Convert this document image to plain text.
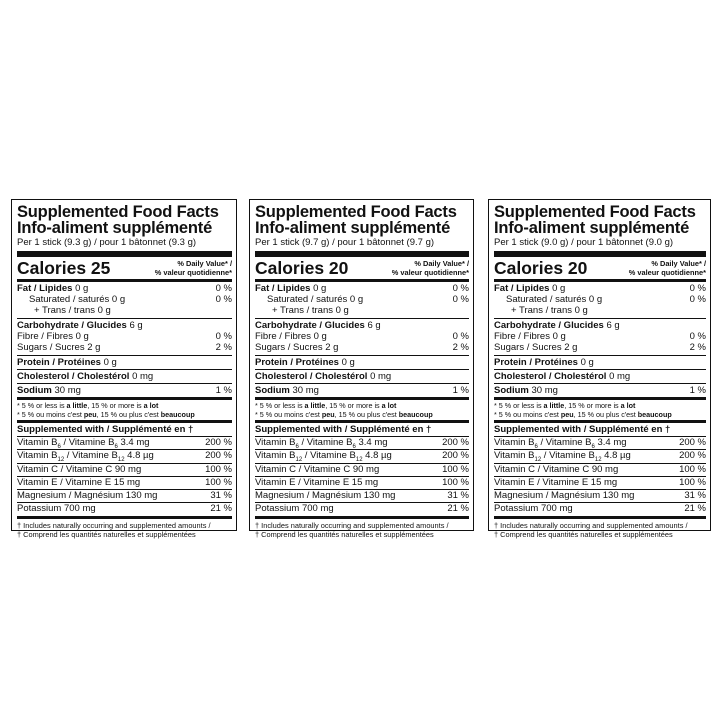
Supplemented Food Facts
Info-aliment supplémenté
Per 1 stick (9.3 g) / pour 1 bâtonnet (9.3 g)
Calories 25	% Daily Value* /
% valeur quotidienne*
Fat / Lipides 0 g	0 %
Saturated / saturés 0 g	0 %
+ Trans / trans 0 g
Carbohydrate / Glucides 6 g
Fibre / Fibres 0 g	0 %
Sugars / Sucres 2 g	2 %
Protein / Protéines 0 g
Cholesterol / Cholestérol 0 mg
Sodium 30 mg	1 %
* 5 % or less is a little, 15 % or more is a lot
* 5 % ou moins c'est peu, 15 % ou plus c'est beaucoup
Supplemented with / Supplémenté en †
Vitamin $B_6$ / Vitamine $B_6$ 3.4 mg	200 %
Vitamin $B_{12}$ / Vitamine $B_{12}$ 4.8 µg	200 %
Vitamin C / Vitamine C 90 mg	100 %
Vitamin E / Vitamine E 15 mg	100 %
Magnesium / Magnésium 130 mg	31 %
Potassium 700 mg	21 %
† Includes naturally occurring and supplemented amounts /
† Comprend les quantités naturelles et supplémentées
Supplemented Food Facts
Info-aliment supplémenté
Per 1 stick (9.7 g) / pour 1 bâtonnet (9.7 g)
Calories 20	% Daily Value* /
% valeur quotidienne*
Fat / Lipides 0 g	0 %
Saturated / saturés 0 g	0 %
+ Trans / trans 0 g
Carbohydrate / Glucides 6 g
Fibre / Fibres 0 g	0 %
Sugars / Sucres 2 g	2 %
Protein / Protéines 0 g
Cholesterol / Cholestérol 0 mg
Sodium 30 mg	1 %
* 5 % or less is a little, 15 % or more is a lot
* 5 % ou moins c'est peu, 15 % ou plus c'est beaucoup
Supplemented with / Supplémenté en †
Vitamin $B_6$ / Vitamine $B_6$ 3.4 mg	200 %
Vitamin $B_{12}$ / Vitamine $B_{12}$ 4.8 µg	200 %
Vitamin C / Vitamine C 90 mg	100 %
Vitamin E / Vitamine E 15 mg	100 %
Magnesium / Magnésium 130 mg	31 %
Potassium 700 mg	21 %
† Includes naturally occurring and supplemented amounts /
† Comprend les quantités naturelles et supplémentées
Supplemented Food Facts
Info-aliment supplémenté
Per 1 stick (9.0 g) / pour 1 bâtonnet (9.0 g)
Calories 20	% Daily Value* /
% valeur quotidienne*
Fat / Lipides 0 g	0 %
Saturated / saturés 0 g	0 %
+ Trans / trans 0 g
Carbohydrate / Glucides 6 g
Fibre / Fibres 0 g	0 %
Sugars / Sucres 2 g	2 %
Protein / Protéines 0 g
Cholesterol / Cholestérol 0 mg
Sodium 30 mg	1 %
* 5 % or less is a little, 15 % or more is a lot
* 5 % ou moins c'est peu, 15 % ou plus c'est beaucoup
Supplemented with / Supplémenté en †
Vitamin $B_6$ / Vitamine $B_6$ 3.4 mg	200 %
Vitamin $B_{12}$ / Vitamine $B_{12}$ 4.8 µg	200 %
Vitamin C / Vitamine C 90 mg	100 %
Vitamin E / Vitamine E 15 mg	100 %
Magnesium / Magnésium 130 mg	31 %
Potassium 700 mg	21 %
† Includes naturally occurring and supplemented amounts /
† Comprend les quantités naturelles et supplémentées
